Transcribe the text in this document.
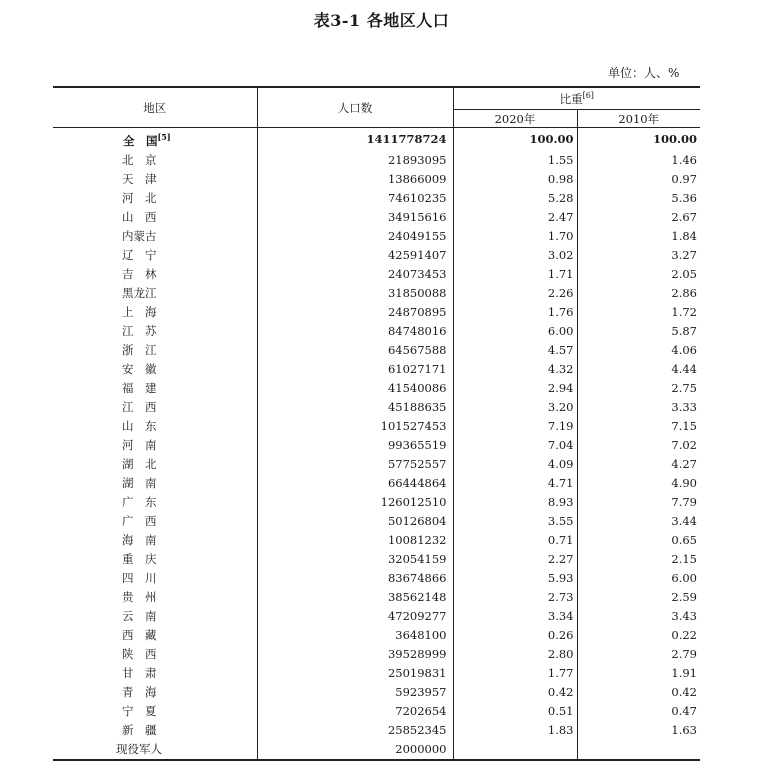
表3-1 各地区人口
单位：人、%
地区	人口数	比重[6]
		2020年	2010年
全　国[5]	1411778724	100.00	100.00
北　京	21893095	1.55	1.46
天　津	13866009	0.98	0.97
河　北	74610235	5.28	5.36
山　西	34915616	2.47	2.67
内蒙古	24049155	1.70	1.84
辽　宁	42591407	3.02	3.27
吉　林	24073453	1.71	2.05
黑龙江	31850088	2.26	2.86
上　海	24870895	1.76	1.72
江　苏	84748016	6.00	5.87
浙　江	64567588	4.57	4.06
安　徽	61027171	4.32	4.44
福　建	41540086	2.94	2.75
江　西	45188635	3.20	3.33
山　东	101527453	7.19	7.15
河　南	99365519	7.04	7.02
湖　北	57752557	4.09	4.27
湖　南	66444864	4.71	4.90
广　东	126012510	8.93	7.79
广　西	50126804	3.55	3.44
海　南	10081232	0.71	0.65
重　庆	32054159	2.27	2.15
四　川	83674866	5.93	6.00
贵　州	38562148	2.73	2.59
云　南	47209277	3.34	3.43
西　藏	3648100	0.26	0.22
陕　西	39528999	2.80	2.79
甘　肃	25019831	1.77	1.91
青　海	5923957	0.42	0.42
宁　夏	7202654	0.51	0.47
新　疆	25852345	1.83	1.63
现役军人	2000000		
